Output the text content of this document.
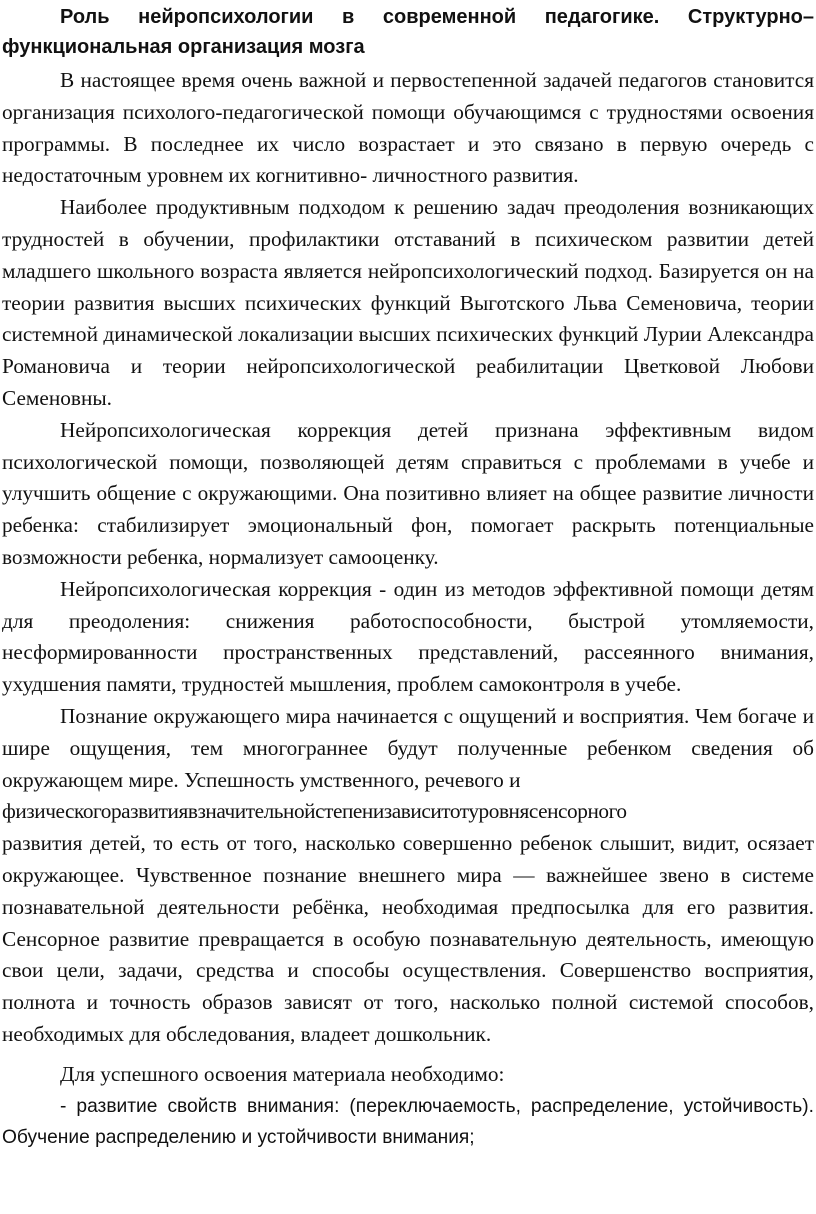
Роль нейропсихологии в современной педагогике. Структурно–функциональная организация мозга

В настоящее время очень важной и первостепенной задачей педагогов становится организация психолого-педагогической помощи обучающимся с трудностями освоения программы. В последнее их число возрастает и это связано в первую очередь с недостаточным уровнем их когнитивно- личностного развития.

Наиболее продуктивным подходом к решению задач преодоления возникающих трудностей в обучении, профилактики отставаний в психическом развитии детей младшего школьного возраста является нейропсихологический подход. Базируется он на теории развития высших психических функций Выготского Льва Семеновича, теории системной динамической локализации высших психических функций Лурии Александра Романовича и теории нейропсихологической реабилитации Цветковой Любови Семеновны.

Нейропсихологическая коррекция детей признана эффективным видом психологической помощи, позволяющей детям справиться с проблемами в учебе и улучшить общение с окружающими. Она позитивно влияет на общее развитие личности ребенка: стабилизирует эмоциональный фон, помогает раскрыть потенциальные возможности ребенка, нормализует самооценку.

Нейропсихологическая коррекция - один из методов эффективной помощи детям для преодоления: снижения работоспособности, быстрой утомляемости, несформированности пространственных представлений, рассеянного внимания, ухудшения памяти, трудностей мышления, проблем самоконтроля в учебе.

Познание окружающего мира начинается с ощущений и восприятия. Чем богаче и шире ощущения, тем многограннее будут полученные ребенком сведения об окружающем мире. Успешность умственного, речевого и

физическогоразвитиявзначительнойстепенизависитотуровнясенсорного

развития детей, то есть от того, насколько совершенно ребенок слышит, видит, осязает окружающее. Чувственное познание внешнего мира — важнейшее звено в системе познавательной деятельности ребёнка, необходимая предпосылка для его развития. Сенсорное развитие превращается в особую познавательную деятельность, имеющую свои цели, задачи, средства и способы осуществления. Совершенство восприятия, полнота и точность образов зависят от того, насколько полной системой способов, необходимых для обследования, владеет дошкольник.

Для успешного освоения материала необходимо:

- развитие свойств внимания: (переключаемость, распределение, устойчивость). Обучение распределению и устойчивости внимания;
